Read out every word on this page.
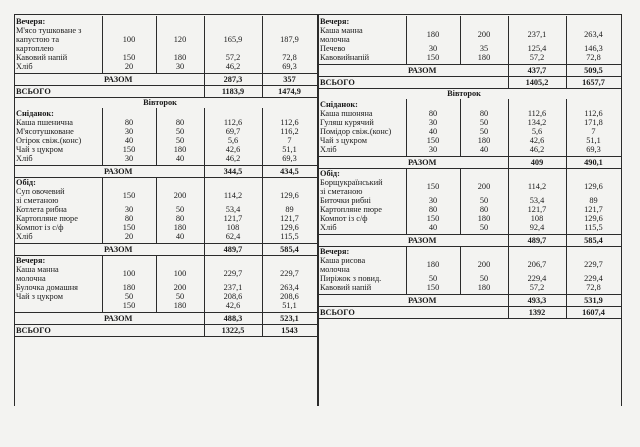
Вечеря:
М'ясо тушковане з
капустою та
картоплею
100	120	165,9	187,9
Кавовий напій	150	180	57,2	72,8
Хліб	20	30	46,2	69,3
РАЗОМ	287,3	357
ВСЬОГО	1183,9	1474,9
Вівторок
Сніданок:
Каша пшенична	80	80	112,6	112,6
М'ясотушковане	30	50	69,7	116,2
Огірок свіж.(конс)	40	50	5,6	7
Чай з цукром	150	180	42,6	51,1
Хліб	30	40	46,2	69,3
РАЗОМ	344,5	434,5
Обід:
Суп овочевий
зі сметаною
150	200	114,2	129,6
Котлета рибна	30	50	53,4	89
Картопляне пюре	80	80	121,7	121,7
Компот із с/ф	150	180	108	129,6
Хліб	20	40	62,4	115,5
РАЗОМ	489,7	585,4
Вечеря:
Каша манна
молочна
100	100	229,7	229,7
Булочка домашня	180	200	237,1	263,4
Чай з цукром	50	50	208,6	208,6
150	180	42,6	51,1
РАЗОМ	488,3	523,1
ВСЬОГО	1322,5	1543
Вечеря:
Каша манна
молочна
180	200	237,1	263,4
Печево	30	35	125,4	146,3
Кавовийнапій	150	180	57,2	72,8
РАЗОМ	437,7	509,5
ВСЬОГО	1405,2	1657,7
Вівторок
Сніданок:
Каша пшоняна	80	80	112,6	112,6
Гуляш курячий	30	50	134,2	171,8
Помідор свіж.(конс)	40	50	5,6	7
Чай з цукром	150	180	42,6	51,1
Хліб	30	40	46,2	69,3
РАЗОМ	409	490,1
Обід:
Борщукраїнський
зі сметаною
150	200	114,2	129,6
Биточки рибні	30	50	53,4	89
Картопляне пюре	80	80	121,7	121,7
Компот із с/ф	150	180	108	129,6
Хліб	40	50	92,4	115,5
РАЗОМ	489,7	585,4
Вечеря:
Каша рисова
молочна
180	200	206,7	229,7
Пиріжок з повид.	50	50	229,4	229,4
Кавовий напій	150	180	57,2	72,8
РАЗОМ	493,3	531,9
ВСЬОГО	1392	1607,4
